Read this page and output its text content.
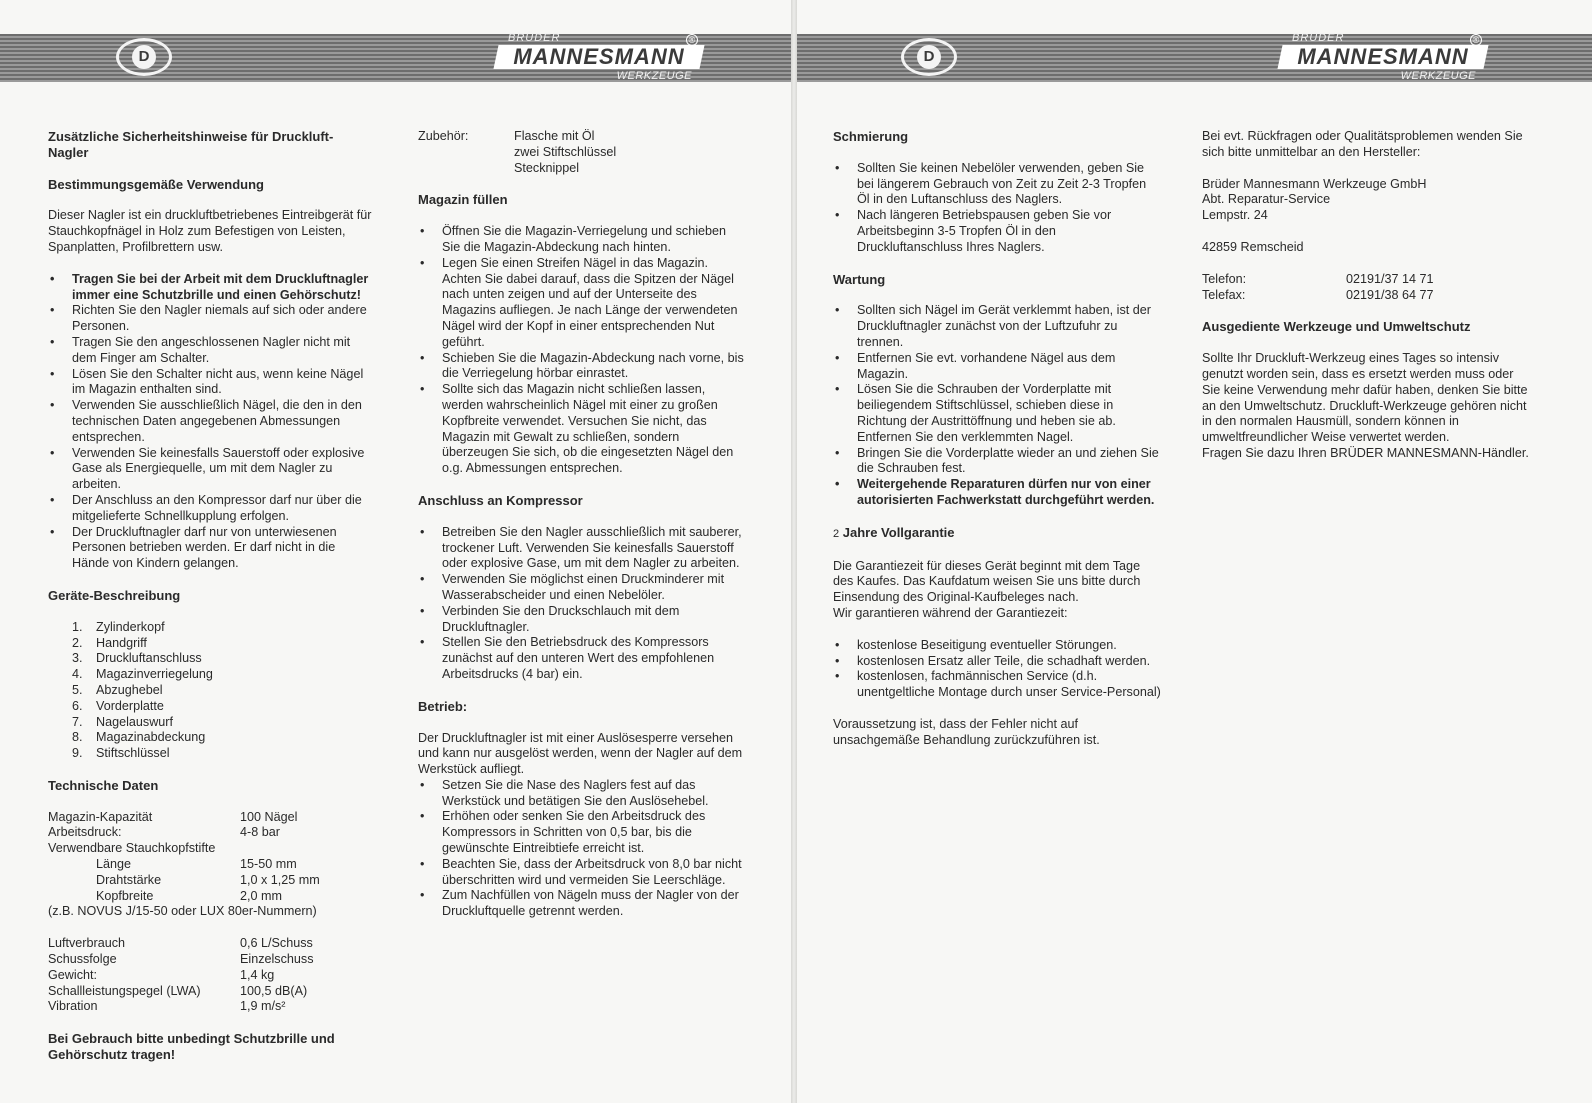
D
BRÜDER	®
MANNESMANN
WERKZEUGE
Zusätzliche Sicherheitshinweise für Druckluft-Nagler
Bestimmungsgemäße Verwendung

Dieser Nagler ist ein druckluftbetriebenes Eintreibgerät für Stauchkopfnägel in Holz zum Befestigen von Leisten, Spanplatten, Profilbrettern usw.

• Tragen Sie bei der Arbeit mit dem Druckluftnagler immer eine Schutzbrille und einen Gehörschutz!
• Richten Sie den Nagler niemals auf sich oder andere Personen.
• Tragen Sie den angeschlossenen Nagler nicht mit dem Finger am Schalter.
• Lösen Sie den Schalter nicht aus, wenn keine Nägel im Magazin enthalten sind.
• Verwenden Sie ausschließlich Nägel, die den in den technischen Daten angegebenen Abmessungen entsprechen.
• Verwenden Sie keinesfalls Sauerstoff oder explosive Gase als Energiequelle, um mit dem Nagler zu arbeiten.
• Der Anschluss an den Kompressor darf nur über die mitgelieferte Schnellkupplung erfolgen.
• Der Druckluftnagler darf nur von unterwiesenen Personen betrieben werden. Er darf nicht in die Hände von Kindern gelangen.
Geräte-Beschreibung
1. Zylinderkopf
2. Handgriff
3. Druckluftanschluss
4. Magazinverriegelung
5. Abzughebel
6. Vorderplatte
7. Nagelauswurf
8. Magazinabdeckung
9. Stiftschlüssel
Technische Daten
Magazin-Kapazität	100 Nägel
Arbeitsdruck:	4-8 bar
Verwendbare Stauchkopfstifte
Länge	15-50 mm
Drahtstärke	1,0 x 1,25 mm
Kopfbreite	2,0 mm
(z.B. NOVUS J/15-50 oder LUX 80er-Nummern)
Luftverbrauch	0,6 L/Schuss
Schussfolge	Einzelschuss
Gewicht:	1,4 kg
Schallleistungspegel (LWA)	100,5 dB(A)
Vibration	1,9 m/s²
Bei Gebrauch bitte unbedingt Schutzbrille und Gehörschutz tragen!
Zubehör:	Flasche mit Öl
zwei Stiftschlüssel
Stecknippel
Magazin füllen
• Öffnen Sie die Magazin-Verriegelung und schieben Sie die Magazin-Abdeckung nach hinten.
• Legen Sie einen Streifen Nägel in das Magazin. Achten Sie dabei darauf, dass die Spitzen der Nägel nach unten zeigen und auf der Unterseite des Magazins aufliegen. Je nach Länge der verwendeten Nägel wird der Kopf in einer entsprechenden Nut geführt.
• Schieben Sie die Magazin-Abdeckung nach vorne, bis die Verriegelung hörbar einrastet.
• Sollte sich das Magazin nicht schließen lassen, werden wahrscheinlich Nägel mit einer zu großen Kopfbreite verwendet. Versuchen Sie nicht, das Magazin mit Gewalt zu schließen, sondern überzeugen Sie sich, ob die eingesetzten Nägel den o.g. Abmessungen entsprechen.
Anschluss an Kompressor
• Betreiben Sie den Nagler ausschließlich mit sauberer, trockener Luft. Verwenden Sie keinesfalls Sauerstoff oder explosive Gase, um mit dem Nagler zu arbeiten.
• Verwenden Sie möglichst einen Druckminderer mit Wasserabscheider und einen Nebelöler.
• Verbinden Sie den Druckschlauch mit dem Druckluftnagler.
• Stellen Sie den Betriebsdruck des Kompressors zunächst auf den unteren Wert des empfohlenen Arbeitsdrucks (4 bar) ein.
Betrieb:

Der Druckluftnagler ist mit einer Auslösesperre versehen und kann nur ausgelöst werden, wenn der Nagler auf dem Werkstück aufliegt.

• Setzen Sie die Nase des Naglers fest auf das Werkstück und betätigen Sie den Auslösehebel.
• Erhöhen oder senken Sie den Arbeitsdruck des Kompressors in Schritten von 0,5 bar, bis die gewünschte Eintreibtiefe erreicht ist.
• Beachten Sie, dass der Arbeitsdruck von 8,0 bar nicht überschritten wird und vermeiden Sie Leerschläge.
• Zum Nachfüllen von Nägeln muss der Nagler von der Druckluftquelle getrennt werden.
D
BRÜDER	®
MANNESMANN
WERKZEUGE
Schmierung
• Sollten Sie keinen Nebelöler verwenden, geben Sie bei längerem Gebrauch von Zeit zu Zeit 2-3 Tropfen Öl in den Luftanschluss des Naglers.
• Nach längeren Betriebspausen geben Sie vor Arbeitsbeginn 3-5 Tropfen Öl in den Druckluftanschluss Ihres Naglers.
Wartung
• Sollten sich Nägel im Gerät verklemmt haben, ist der Druckluftnagler zunächst von der Luftzufuhr zu trennen.
• Entfernen Sie evt. vorhandene Nägel aus dem Magazin.
• Lösen Sie die Schrauben der Vorderplatte mit beiliegendem Stiftschlüssel, schieben diese in Richtung der Austrittöffnung und heben sie ab. Entfernen Sie den verklemmten Nagel.
• Bringen Sie die Vorderplatte wieder an und ziehen Sie die Schrauben fest.
• Weitergehende Reparaturen dürfen nur von einer autorisierten Fachwerkstatt durchgeführt werden.
2 Jahre Vollgarantie

Die Garantiezeit für dieses Gerät beginnt mit dem Tage des Kaufes. Das Kaufdatum weisen Sie uns bitte durch Einsendung des Original-Kaufbeleges nach.

Wir garantieren während der Garantiezeit:

• kostenlose Beseitigung eventueller Störungen.
• kostenlosen Ersatz aller Teile, die schadhaft werden.
• kostenlosen, fachmännischen Service (d.h. unentgeltliche Montage durch unser Service-Personal)

Voraussetzung ist, dass der Fehler nicht auf unsachgemäße Behandlung zurückzuführen ist.

Bei evt. Rückfragen oder Qualitätsproblemen wenden Sie sich bitte unmittelbar an den Hersteller:

Brüder Mannesmann Werkzeuge GmbH
Abt. Reparatur-Service
Lempstr. 24

42859 Remscheid

Telefon:	02191/37 14 71
Telefax:	02191/38 64 77
Ausgediente Werkzeuge und Umweltschutz

Sollte Ihr Druckluft-Werkzeug eines Tages so intensiv genutzt worden sein, dass es ersetzt werden muss oder Sie keine Verwendung mehr dafür haben, denken Sie bitte an den Umweltschutz. Druckluft-Werkzeuge gehören nicht in den normalen Hausmüll, sondern können in umweltfreundlicher Weise verwertet werden.

Fragen Sie dazu Ihren BRÜDER MANNESMANN-Händler.
